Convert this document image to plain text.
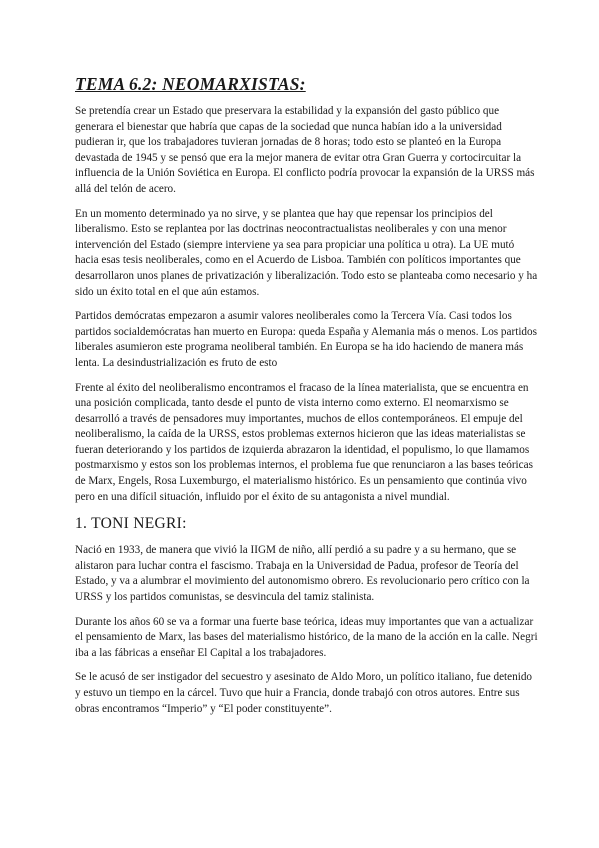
TEMA 6.2: NEOMARXISTAS:

Se pretendía crear un Estado que preservara la estabilidad y la expansión del gasto público que generara el bienestar que habría que capas de la sociedad que nunca habían ido a la universidad pudieran ir, que los trabajadores tuvieran jornadas de 8 horas; todo esto se planteó en la Europa devastada de 1945 y se pensó que era la mejor manera de evitar otra Gran Guerra y cortocircuitar la influencia de la Unión Soviética en Europa. El conflicto podría provocar la expansión de la URSS más allá del telón de acero.

En un momento determinado ya no sirve, y se plantea que hay que repensar los principios del liberalismo. Esto se replantea por las doctrinas neocontractualistas neoliberales y con una menor intervención del Estado (siempre interviene ya sea para propiciar una política u otra). La UE mutó hacia esas tesis neoliberales, como en el Acuerdo de Lisboa. También con políticos importantes que desarrollaron unos planes de privatización y liberalización. Todo esto se planteaba como necesario y ha sido un éxito total en el que aún estamos.

Partidos demócratas empezaron a asumir valores neoliberales como la Tercera Vía. Casi todos los partidos socialdemócratas han muerto en Europa: queda España y Alemania más o menos. Los partidos liberales asumieron este programa neoliberal también. En Europa se ha ido haciendo de manera más lenta. La desindustrialización es fruto de esto

Frente al éxito del neoliberalismo encontramos el fracaso de la línea materialista, que se encuentra en una posición complicada, tanto desde el punto de vista interno como externo. El neomarxismo se desarrolló a través de pensadores muy importantes, muchos de ellos contemporáneos. El empuje del neoliberalismo, la caída de la URSS, estos problemas externos hicieron que las ideas materialistas se fueran deteriorando y los partidos de izquierda abrazaron la identidad, el populismo, lo que llamamos postmarxismo y estos son los problemas internos, el problema fue que renunciaron a las bases teóricas de Marx, Engels, Rosa Luxemburgo, el materialismo histórico. Es un pensamiento que continúa vivo pero en una difícil situación, influido por el éxito de su antagonista a nivel mundial.

1. TONI NEGRI:

Nació en 1933, de manera que vivió la IIGM de niño, allí perdió a su padre y a su hermano, que se alistaron para luchar contra el fascismo. Trabaja en la Universidad de Padua, profesor de Teoría del Estado, y va a alumbrar el movimiento del autonomismo obrero. Es revolucionario pero crítico con la URSS y los partidos comunistas, se desvincula del tamiz stalinista.

Durante los años 60 se va a formar una fuerte base teórica, ideas muy importantes que van a actualizar el pensamiento de Marx, las bases del materialismo histórico, de la mano de la acción en la calle. Negri iba a las fábricas a enseñar El Capital a los trabajadores.

Se le acusó de ser instigador del secuestro y asesinato de Aldo Moro, un político italiano, fue detenido y estuvo un tiempo en la cárcel. Tuvo que huir a Francia, donde trabajó con otros autores. Entre sus obras encontramos “Imperio” y “El poder constituyente”.
